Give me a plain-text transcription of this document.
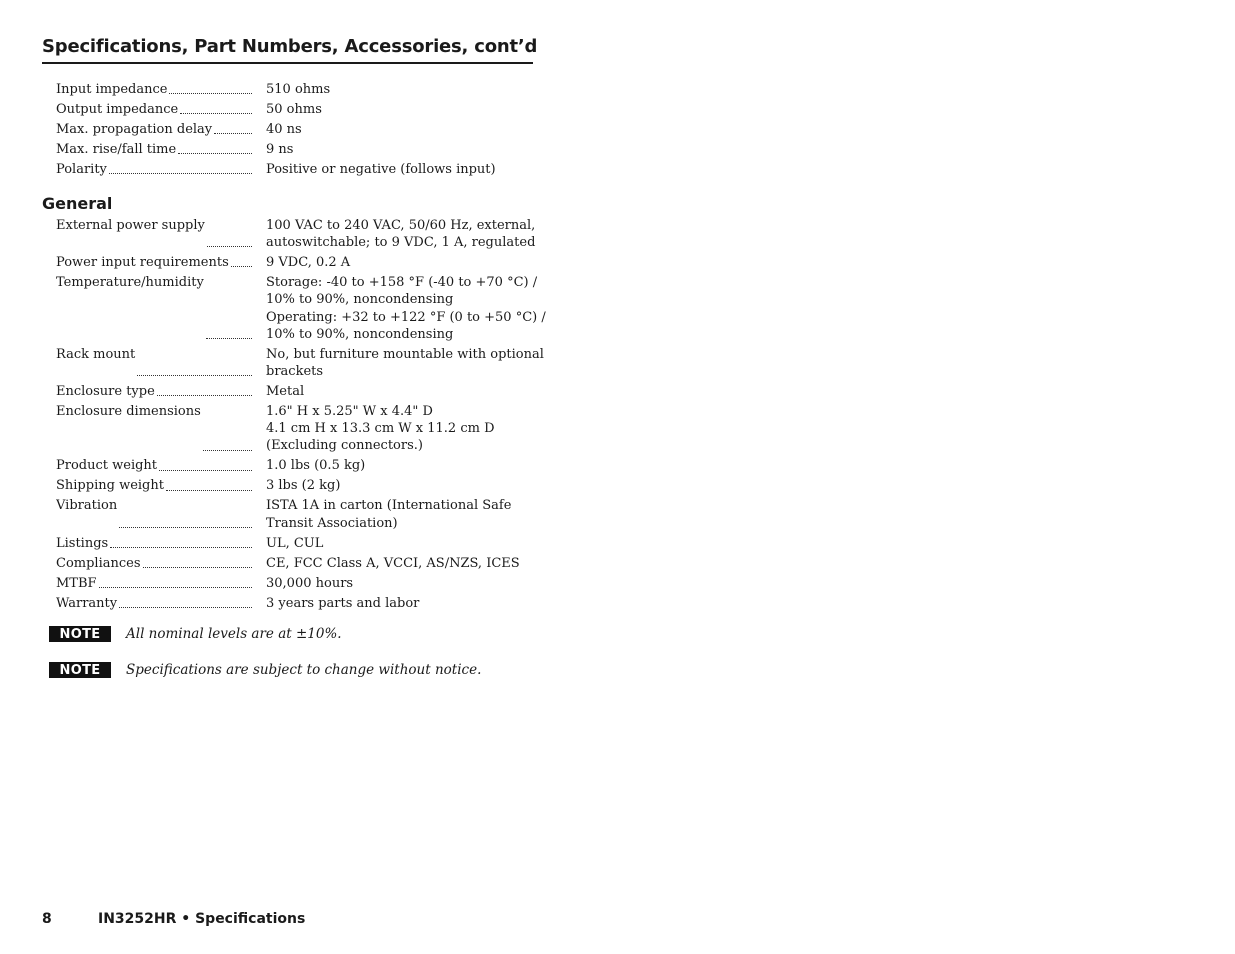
Specifications, Part Numbers, Accessories, cont’d
Input impedance	510 ohms
Output impedance	50 ohms
Max. propagation delay	40 ns
Max. rise/fall time	9 ns
Polarity	Positive or negative (follows input)
General
External power supply	100 VAC to 240 VAC, 50/60 Hz, external,
autoswitchable; to 9 VDC, 1 A, regulated
Power input requirements	9 VDC, 0.2 A
Temperature/humidity	Storage: -40 to +158 °F (-40 to +70 °C) /
10% to 90%, noncondensing
Operating: +32 to +122 °F (0 to +50 °C) /
10% to 90%, noncondensing
Rack mount	No, but furniture mountable with optional
brackets
Enclosure type	Metal
Enclosure dimensions	1.6" H x 5.25" W x 4.4" D
4.1 cm H x 13.3 cm W x 11.2 cm D
(Excluding connectors.)
Product weight	1.0 lbs (0.5 kg)
Shipping weight	3 lbs (2 kg)
Vibration	ISTA 1A in carton (International Safe
Transit Association)
Listings	UL, CUL
Compliances	CE, FCC Class A, VCCI, AS/NZS, ICES
MTBF	30,000 hours
Warranty	3 years parts and labor
NOTE	All nominal levels are at ±10%.
NOTE	Specifications are subject to change without notice.
8	IN3252HR • Specifications
